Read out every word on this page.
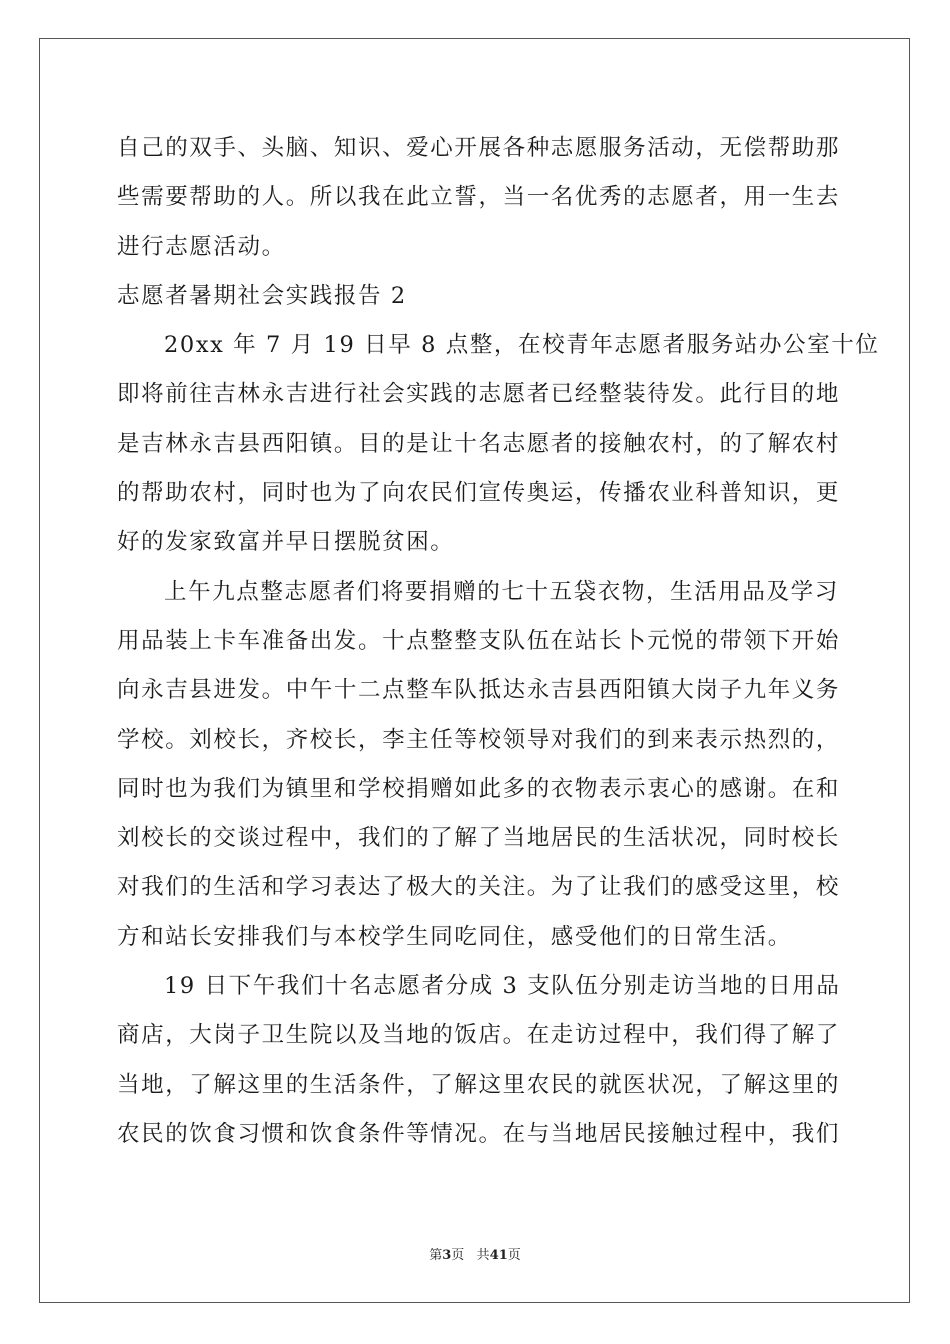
自己的双手、头脑、知识、爱心开展各种志愿服务活动，无偿帮助那
些需要帮助的人。所以我在此立誓，当一名优秀的志愿者，用一生去
进行志愿活动。
志愿者暑期社会实践报告 2
20xx 年 7 月 19 日早 8 点整，在校青年志愿者服务站办公室十位
即将前往吉林永吉进行社会实践的志愿者已经整装待发。此行目的地
是吉林永吉县西阳镇。目的是让十名志愿者的接触农村，的了解农村
的帮助农村，同时也为了向农民们宣传奥运，传播农业科普知识，更
好的发家致富并早日摆脱贫困。
上午九点整志愿者们将要捐赠的七十五袋衣物，生活用品及学习
用品装上卡车准备出发。十点整整支队伍在站长卜元悦的带领下开始
向永吉县进发。中午十二点整车队抵达永吉县西阳镇大岗子九年义务
学校。刘校长，齐校长，李主任等校领导对我们的到来表示热烈的，
同时也为我们为镇里和学校捐赠如此多的衣物表示衷心的感谢。在和
刘校长的交谈过程中，我们的了解了当地居民的生活状况，同时校长
对我们的生活和学习表达了极大的关注。为了让我们的感受这里，校
方和站长安排我们与本校学生同吃同住，感受他们的日常生活。
19 日下午我们十名志愿者分成 3 支队伍分别走访当地的日用品
商店，大岗子卫生院以及当地的饭店。在走访过程中，我们得了解了
当地，了解这里的生活条件，了解这里农民的就医状况，了解这里的
农民的饮食习惯和饮食条件等情况。在与当地居民接触过程中，我们
第3页 共41页
